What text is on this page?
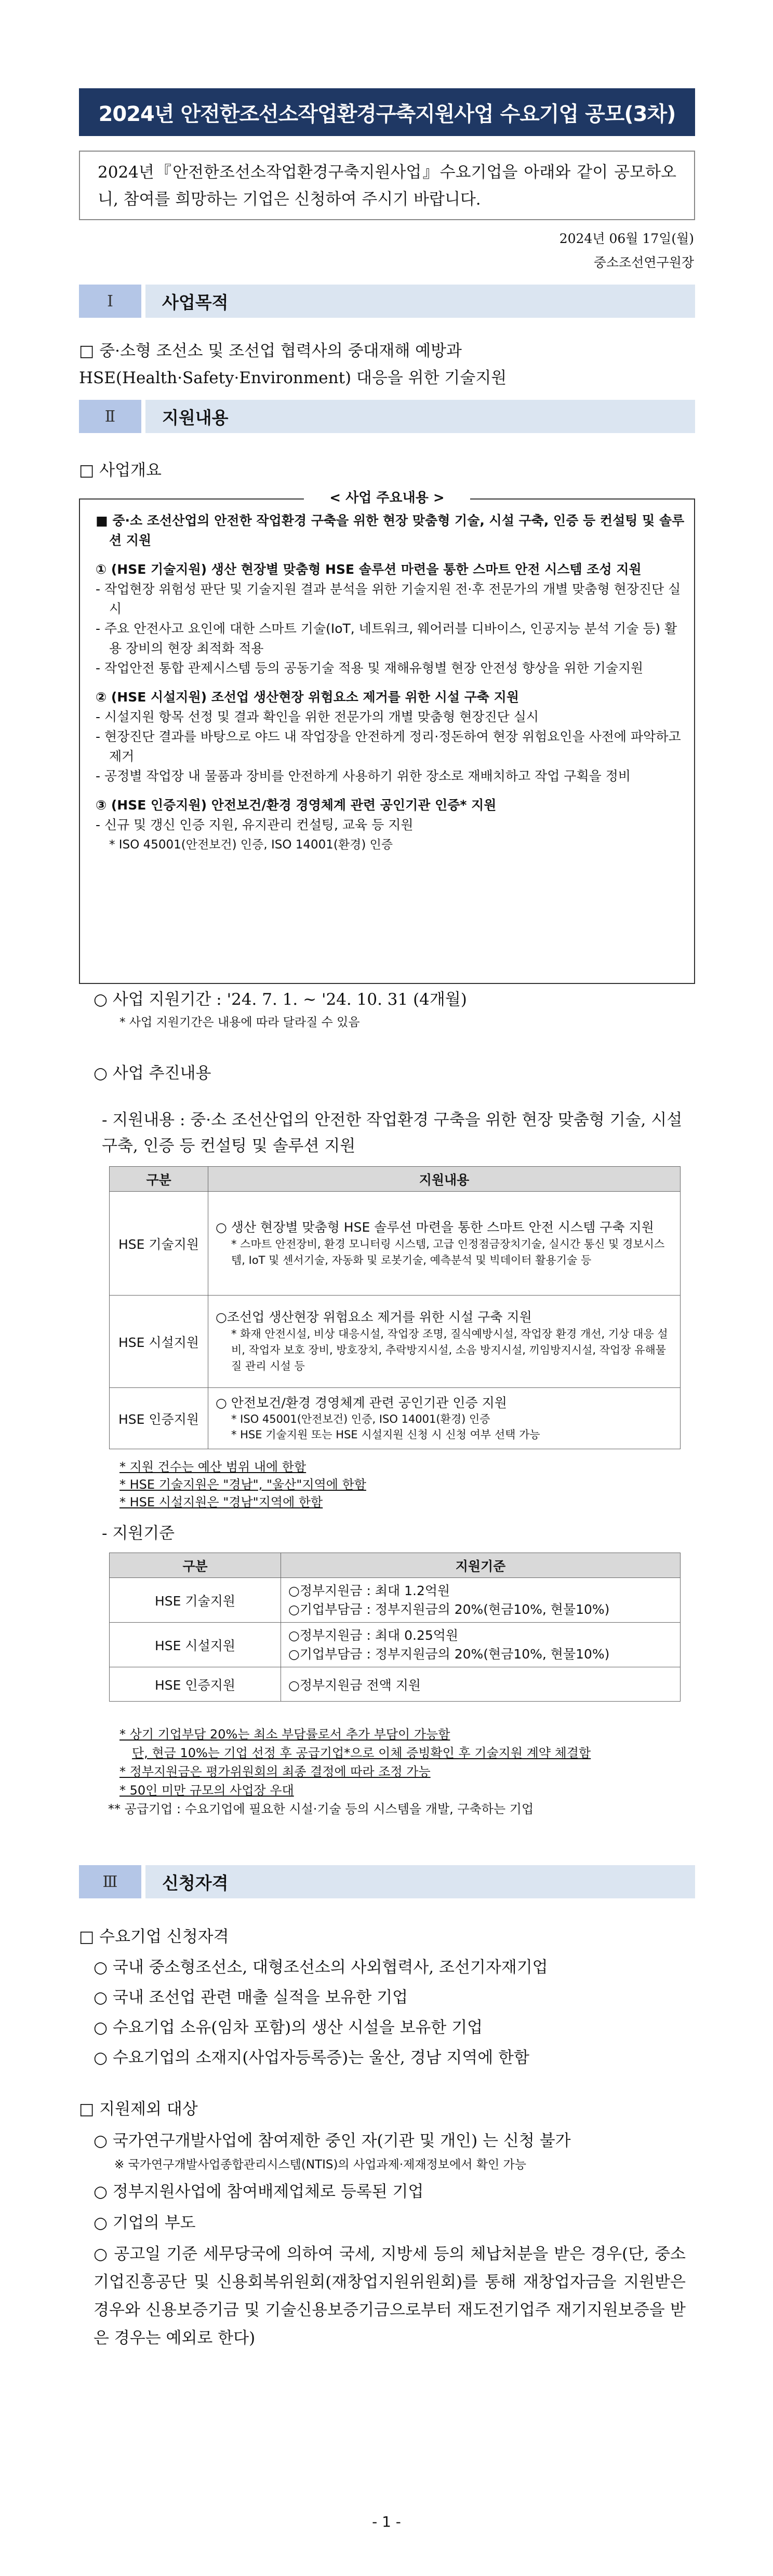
2024년 안전한조선소작업환경구축지원사업 수요기업 공모(3차)
2024년『안전한조선소작업환경구축지원사업』수요기업을 아래와 같이 공모하오니, 참여를 희망하는 기업은 신청하여 주시기 바랍니다.
2024년 06월 17일(월)
중소조선연구원장
Ⅰ	사업목적
□ 중·소형 조선소 및 조선업 협력사의 중대재해 예방과 HSE(Health·Safety·Environment) 대응을 위한 기술지원
Ⅱ	지원내용
□ 사업개요
< 사업 주요내용 >

■ 중·소 조선산업의 안전한 작업환경 구축을 위한 현장 맞춤형 기술, 시설 구축, 인증 등 컨설팅 및 솔루션 지원

① (HSE 기술지원) 생산 현장별 맞춤형 HSE 솔루션 마련을 통한 스마트 안전 시스템 조성 지원

- 작업현장 위험성 판단 및 기술지원 결과 분석을 위한 기술지원 전·후 전문가의 개별 맞춤형 현장진단 실시

- 주요 안전사고 요인에 대한 스마트 기술(IoT, 네트워크, 웨어러블 디바이스, 인공지능 분석 기술 등) 활용 장비의 현장 최적화 적용

- 작업안전 통합 관제시스템 등의 공동기술 적용 및 재해유형별 현장 안전성 향상을 위한 기술지원

② (HSE 시설지원) 조선업 생산현장 위험요소 제거를 위한 시설 구축 지원

- 시설지원 항목 선정 및 결과 확인을 위한 전문가의 개별 맞춤형 현장진단 실시

- 현장진단 결과를 바탕으로 야드 내 작업장을 안전하게 정리·정돈하여 현장 위험요인을 사전에 파악하고 제거

- 공정별 작업장 내 물품과 장비를 안전하게 사용하기 위한 장소로 재배치하고 작업 구획을 정비

③ (HSE 인증지원) 안전보건/환경 경영체계 관련 공인기관 인증* 지원

- 신규 및 갱신 인증 지원, 유지관리 컨설팅, 교육 등 지원

* ISO 45001(안전보건) 인증, ISO 14001(환경) 인증

○ 사업 지원기간 : '24. 7. 1. ~ '24. 10. 31 (4개월)
* 사업 지원기간은 내용에 따라 달라질 수 있음
○ 사업 추진내용
- 지원내용 : 중·소 조선산업의 안전한 작업환경 구축을 위한 현장 맞춤형 기술, 시설 구축, 인증 등 컨설팅 및 솔루션 지원
구분	지원내용
HSE 기술지원	○ 생산 현장별 맞춤형 HSE 솔루션 마련을 통한 스마트 안전 시스템 구축 지원
* 스마트 안전장비, 환경 모니터링 시스템, 고급 인정점금장치기술, 실시간 통신 및 경보시스템, IoT 및 센서기술, 자동화 및 로봇기술, 예측분석 및 빅데이터 활용기술 등

HSE 시설지원	○조선업 생산현장 위험요소 제거를 위한 시설 구축 지원
* 화재 안전시설, 비상 대응시설, 작업장 조명, 질식예방시설, 작업장 환경 개선, 기상 대응 설비, 작업자 보호 장비, 방호장치, 추락방지시설, 소음 방지시설, 끼임방지시설, 작업장 유해물질 관리 시설 등

HSE 인증지원	○ 안전보건/환경 경영체계 관련 공인기관 인증 지원
* ISO 45001(안전보건) 인증, ISO 14001(환경) 인증
* HSE 기술지원 또는 HSE 시설지원 신청 시 신청 여부 선택 가능
* 지원 건수는 예산 범위 내에 한함
* HSE 기술지원은 "경남", "울산"지역에 한함
* HSE 시설지원은 "경남"지역에 한함
- 지원기준
구분	지원기준
HSE 기술지원	○정부지원금 : 최대 1.2억원
○기업부담금 : 정부지원금의 20%(현금10%, 현물10%)

HSE 시설지원	○정부지원금 : 최대 0.25억원
○기업부담금 : 정부지원금의 20%(현금10%, 현물10%)

HSE 인증지원	○정부지원금 전액 지원
* 상기 기업부담 20%는 최소 부담률로서 추가 부담이 가능함
단, 현금 10%는 기업 선정 후 공급기업*으로 이체 증빙확인 후 기술지원 계약 체결함
* 정부지원금은 평가위원회의 최종 결정에 따라 조정 가능
* 50인 미만 규모의 사업장 우대
** 공급기업 : 수요기업에 필요한 시설·기술 등의 시스템을 개발, 구축하는 기업
Ⅲ	신청자격
□ 수요기업 신청자격
○ 국내 중소형조선소, 대형조선소의 사외협력사, 조선기자재기업
○ 국내 조선업 관련 매출 실적을 보유한 기업
○ 수요기업 소유(임차 포함)의 생산 시설을 보유한 기업
○ 수요기업의 소재지(사업자등록증)는 울산, 경남 지역에 한함
□ 지원제외 대상
○ 국가연구개발사업에 참여제한 중인 자(기관 및 개인) 는 신청 불가
※ 국가연구개발사업종합관리시스템(NTIS)의 사업과제·제재정보에서 확인 가능
○ 정부지원사업에 참여배제업체로 등록된 기업
○ 기업의 부도
○ 공고일 기준 세무당국에 의하여 국세, 지방세 등의 체납처분을 받은 경우(단, 중소기업진흥공단 및 신용회복위원회(재창업지원위원회)를 통해 재창업자금을 지원받은 경우와 신용보증기금 및 기술신용보증기금으로부터 재도전기업주 재기지원보증을 받은 경우는 예외로 한다)
- 1 -
